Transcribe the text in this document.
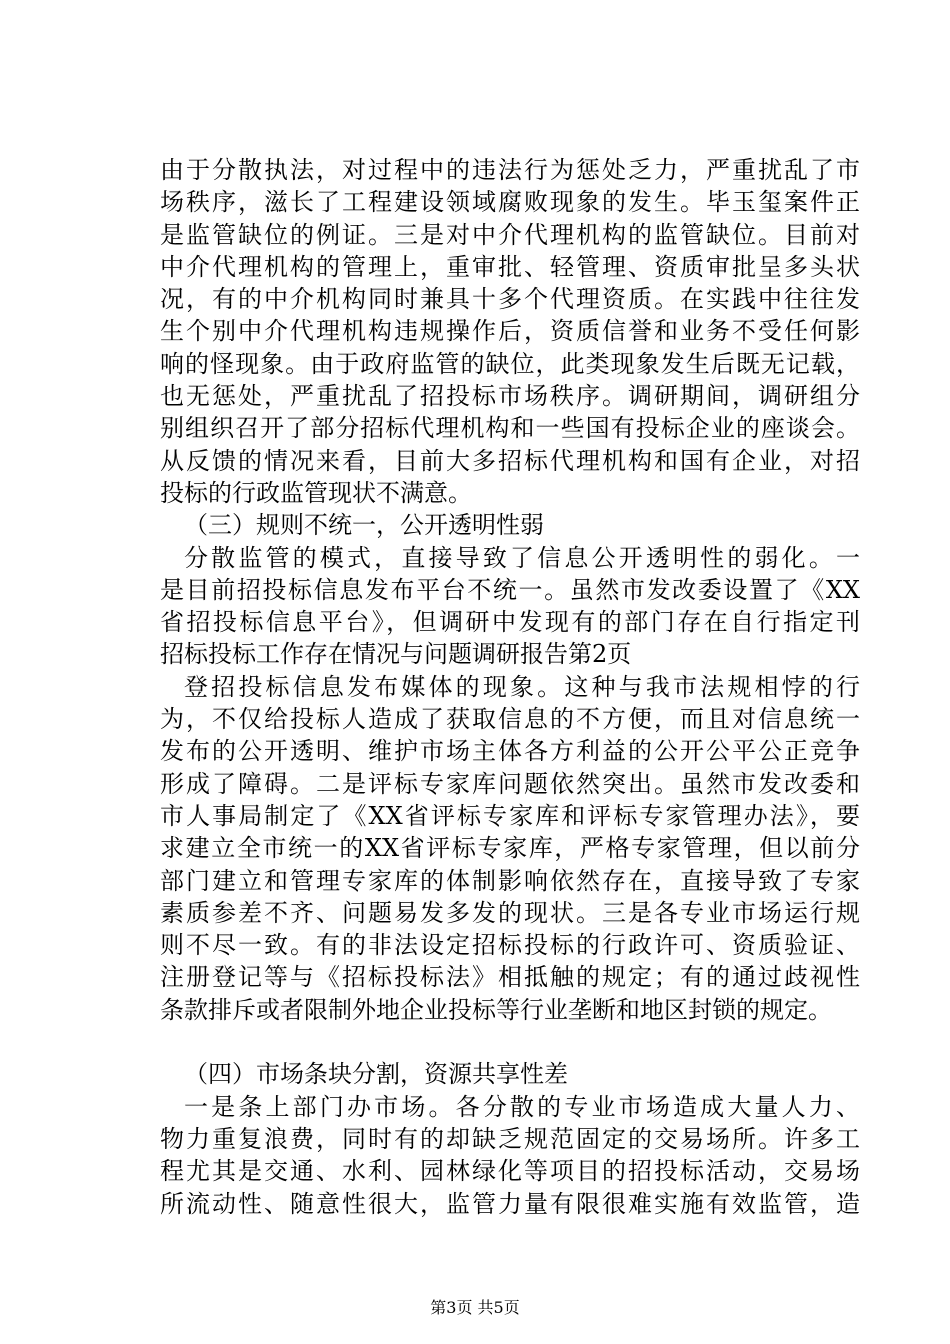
由于分散执法，对过程中的违法行为惩处乏力，严重扰乱了市
场秩序，滋长了工程建设领域腐败现象的发生。毕玉玺案件正
是监管缺位的例证。三是对中介代理机构的监管缺位。目前对
中介代理机构的管理上，重审批、轻管理、资质审批呈多头状
况，有的中介机构同时兼具十多个代理资质。在实践中往往发
生个别中介代理机构违规操作后，资质信誉和业务不受任何影
响的怪现象。由于政府监管的缺位，此类现象发生后既无记载，
也无惩处，严重扰乱了招投标市场秩序。调研期间，调研组分
别组织召开了部分招标代理机构和一些国有投标企业的座谈会。
从反馈的情况来看，目前大多招标代理机构和国有企业，对招
投标的行政监管现状不满意。
（三）规则不统一，公开透明性弱
分散监管的模式，直接导致了信息公开透明性的弱化。一
是目前招投标信息发布平台不统一。虽然市发改委设置了《XX
省招投标信息平台》，但调研中发现有的部门存在自行指定刊
招标投标工作存在情况与问题调研报告第2页
登招投标信息发布媒体的现象。这种与我市法规相悖的行
为，不仅给投标人造成了获取信息的不方便，而且对信息统一
发布的公开透明、维护市场主体各方利益的公开公平公正竞争
形成了障碍。二是评标专家库问题依然突出。虽然市发改委和
市人事局制定了《XX省评标专家库和评标专家管理办法》，要
求建立全市统一的XX省评标专家库，严格专家管理，但以前分
部门建立和管理专家库的体制影响依然存在，直接导致了专家
素质参差不齐、问题易发多发的现状。三是各专业市场运行规
则不尽一致。有的非法设定招标投标的行政许可、资质验证、
注册登记等与《招标投标法》相抵触的规定；有的通过歧视性
条款排斥或者限制外地企业投标等行业垄断和地区封锁的规定。
（四）市场条块分割，资源共享性差
一是条上部门办市场。各分散的专业市场造成大量人力、
物力重复浪费，同时有的却缺乏规范固定的交易场所。许多工
程尤其是交通、水利、园林绿化等项目的招投标活动，交易场
所流动性、随意性很大，监管力量有限很难实施有效监管，造
第3页 共5页
